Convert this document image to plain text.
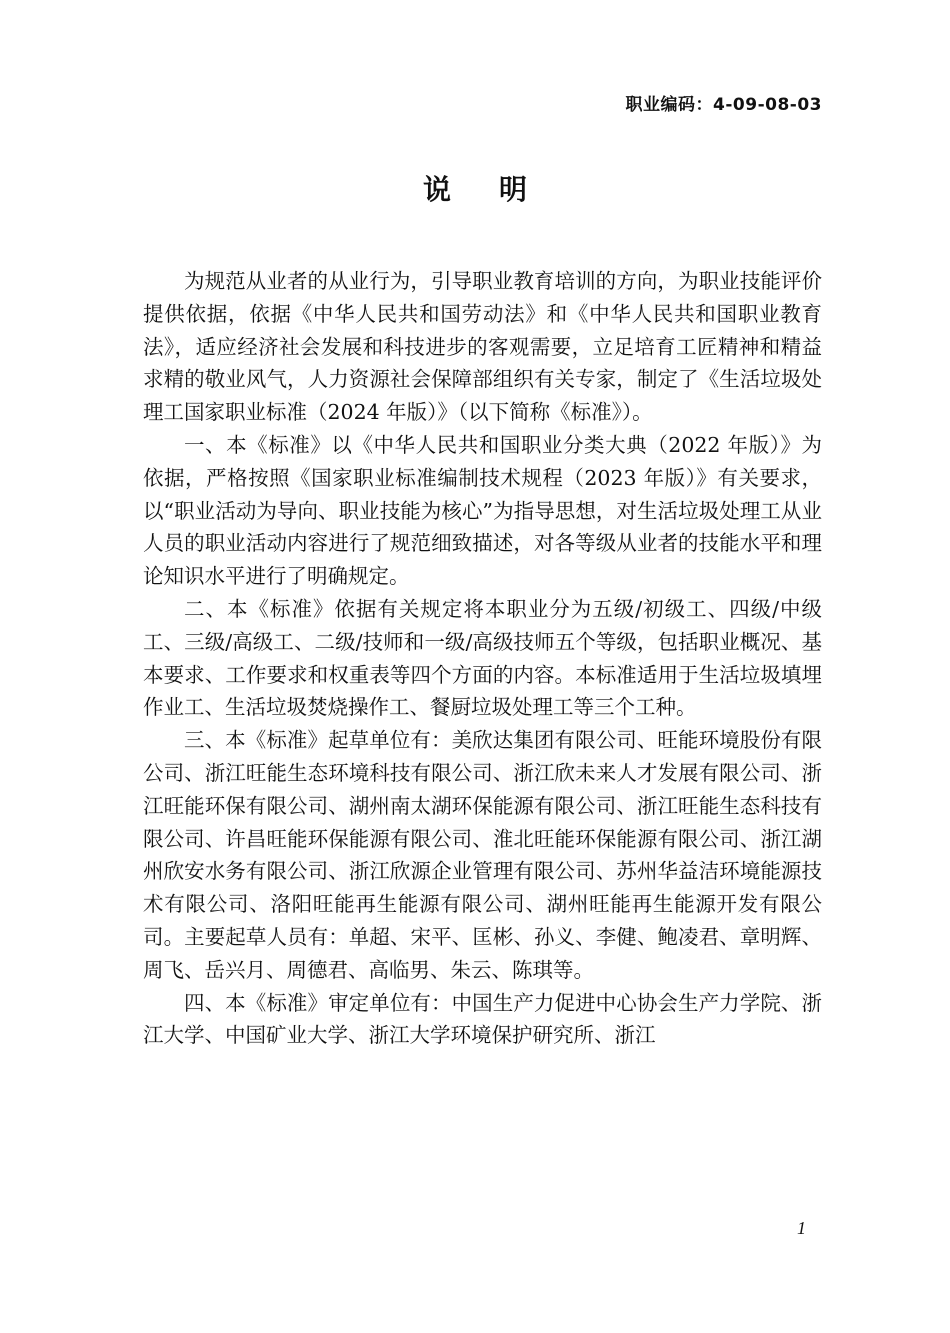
职业编码：4-09-08-03
说明

为规范从业者的从业行为，引导职业教育培训的方向，为职业技能评价提供依据，依据《中华人民共和国劳动法》和《中华人民共和国职业教育法》，适应经济社会发展和科技进步的客观需要，立足培育工匠精神和精益求精的敬业风气，人力资源社会保障部组织有关专家，制定了《生活垃圾处理工国家职业标准（2024 年版）》（以下简称《标准》）。

一、本《标准》以《中华人民共和国职业分类大典（2022 年版）》为依据，严格按照《国家职业标准编制技术规程（2023 年版）》有关要求，以“职业活动为导向、职业技能为核心”为指导思想，对生活垃圾处理工从业人员的职业活动内容进行了规范细致描述，对各等级从业者的技能水平和理论知识水平进行了明确规定。

二、本《标准》依据有关规定将本职业分为五级/初级工、四级/中级工、三级/高级工、二级/技师和一级/高级技师五个等级，包括职业概况、基本要求、工作要求和权重表等四个方面的内容。本标准适用于生活垃圾填埋作业工、生活垃圾焚烧操作工、餐厨垃圾处理工等三个工种。

三、本《标准》起草单位有：美欣达集团有限公司、旺能环境股份有限公司、浙江旺能生态环境科技有限公司、浙江欣未来人才发展有限公司、浙江旺能环保有限公司、湖州南太湖环保能源有限公司、浙江旺能生态科技有限公司、许昌旺能环保能源有限公司、淮北旺能环保能源有限公司、浙江湖州欣安水务有限公司、浙江欣源企业管理有限公司、苏州华益洁环境能源技术有限公司、洛阳旺能再生能源有限公司、湖州旺能再生能源开发有限公司。主要起草人员有：单超、宋平、匡彬、孙义、李健、鲍凌君、章明辉、周飞、岳兴月、周德君、高临男、朱云、陈琪等。

四、本《标准》审定单位有：中国生产力促进中心协会生产力学院、浙江大学、中国矿业大学、浙江大学环境保护研究所、浙江

1
